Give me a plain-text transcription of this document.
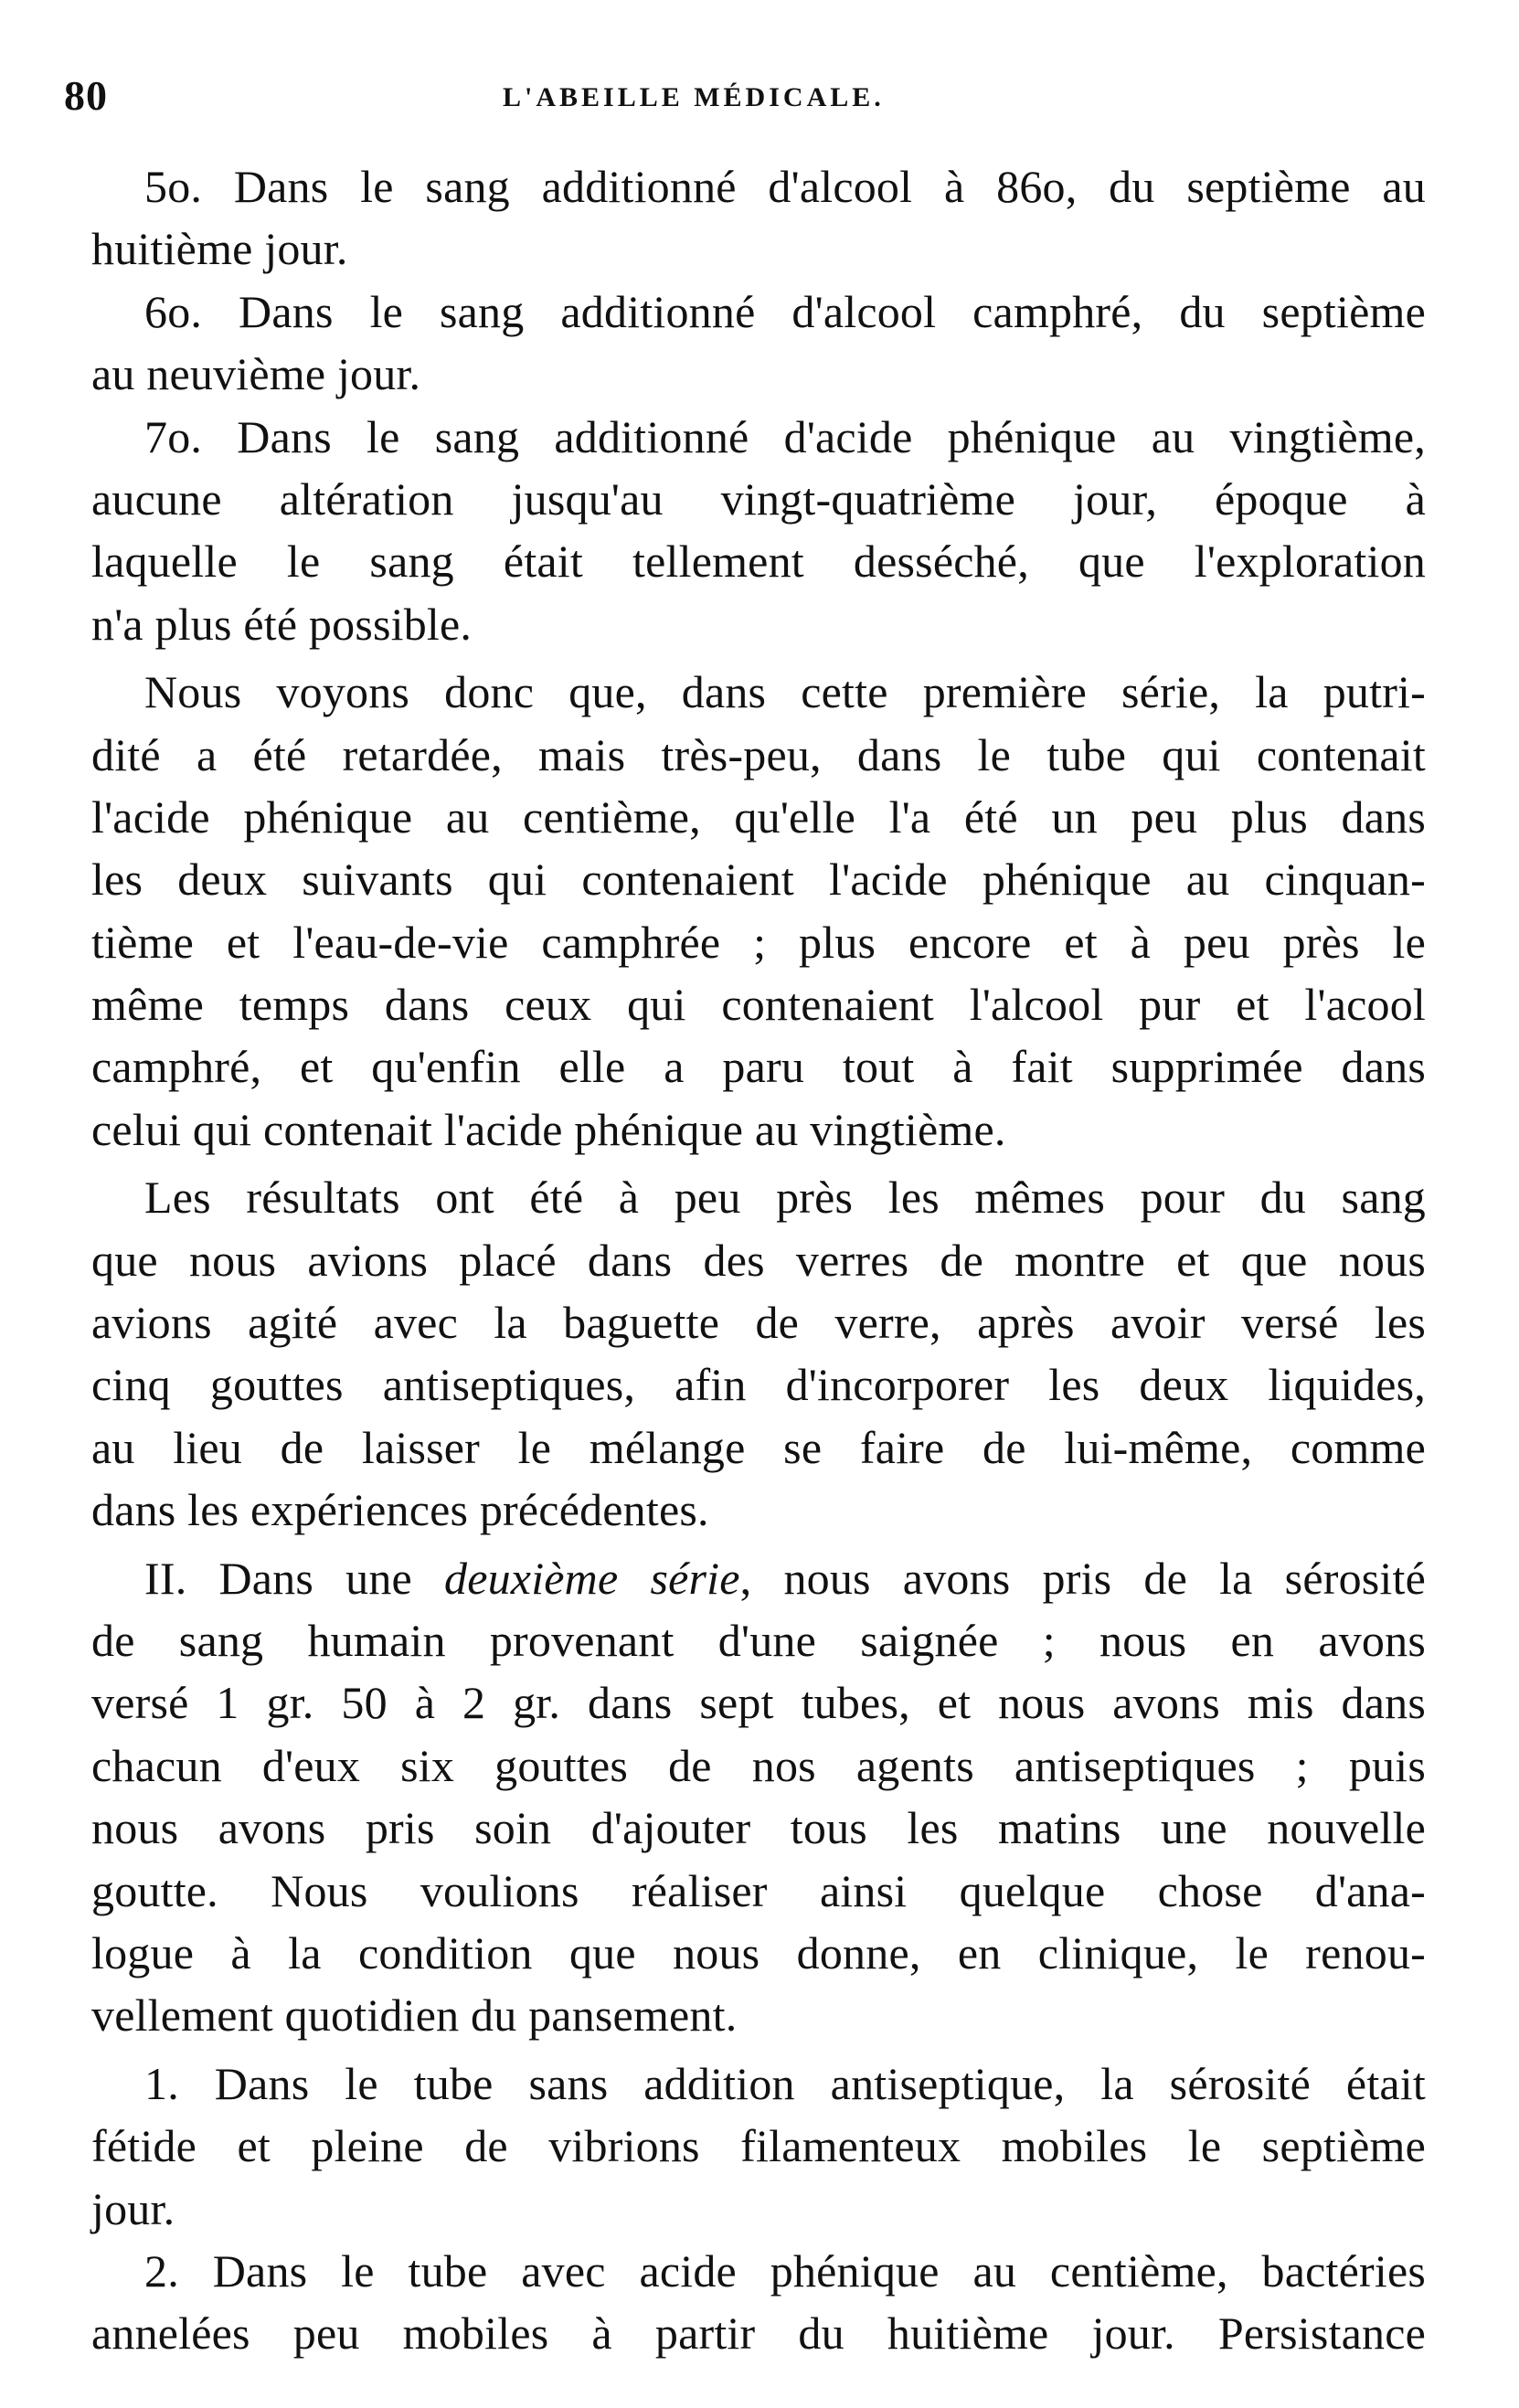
80	L'ABEILLE MÉDICALE.
5o. Dans le sang additionné d'alcool à 86o, du septième au
huitième jour.
6o. Dans le sang additionné d'alcool camphré, du septième
au neuvième jour.
7o. Dans le sang additionné d'acide phénique au vingtième,
aucune altération jusqu'au vingt-quatrième jour, époque à
laquelle le sang était tellement desséché, que l'exploration
n'a plus été possible.
Nous voyons donc que, dans cette première série, la putri-
dité a été retardée, mais très-peu, dans le tube qui contenait
l'acide phénique au centième, qu'elle l'a été un peu plus dans
les deux suivants qui contenaient l'acide phénique au cinquan-
tième et l'eau-de-vie camphrée ; plus encore et à peu près le
même temps dans ceux qui contenaient l'alcool pur et l'acool
camphré, et qu'enfin elle a paru tout à fait supprimée dans
celui qui contenait l'acide phénique au vingtième.
Les résultats ont été à peu près les mêmes pour du sang
que nous avions placé dans des verres de montre et que nous
avions agité avec la baguette de verre, après avoir versé les
cinq gouttes antiseptiques, afin d'incorporer les deux liquides,
au lieu de laisser le mélange se faire de lui-même, comme
dans les expériences précédentes.
II. Dans une deuxième série, nous avons pris de la sérosité
de sang humain provenant d'une saignée ; nous en avons
versé 1 gr. 50 à 2 gr. dans sept tubes, et nous avons mis dans
chacun d'eux six gouttes de nos agents antiseptiques ; puis
nous avons pris soin d'ajouter tous les matins une nouvelle
goutte. Nous voulions réaliser ainsi quelque chose d'ana-
logue à la condition que nous donne, en clinique, le renou-
vellement quotidien du pansement.
1. Dans le tube sans addition antiseptique, la sérosité était
fétide et pleine de vibrions filamenteux mobiles le septième
jour.
2. Dans le tube avec acide phénique au centième, bactéries
annelées peu mobiles à partir du huitième jour. Persistance
